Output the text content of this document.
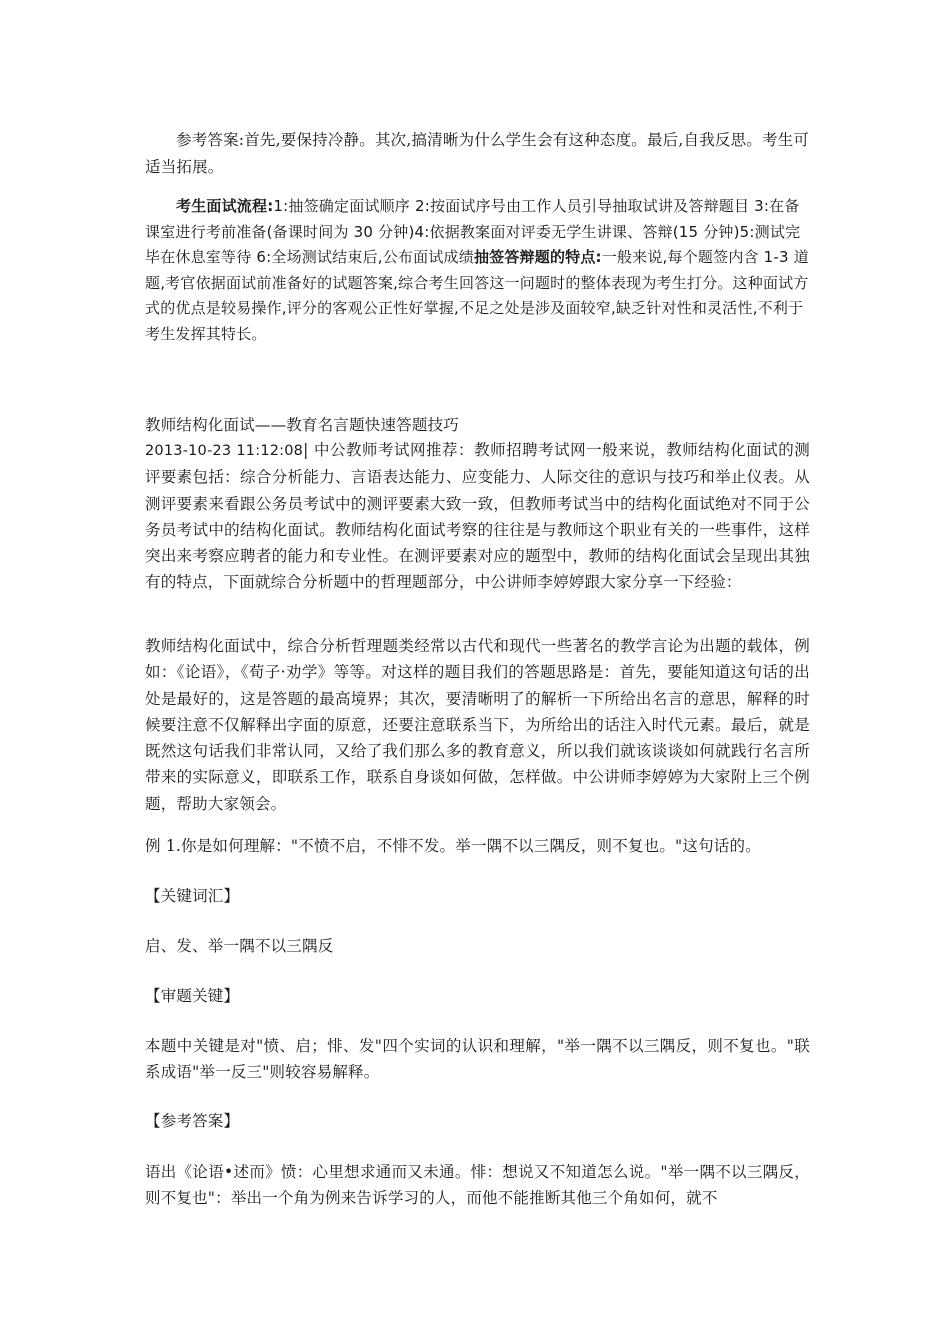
参考答案:首先,要保持冷静。其次,搞清晰为什么学生会有这种态度。最后,自我反思。考生可适当拓展。

考生面试流程:1:抽签确定面试顺序 2:按面试序号由工作人员引导抽取试讲及答辩题目 3:在备课室进行考前准备(备课时间为 30 分钟)4:依据教案面对评委无学生讲课、答辩(15 分钟)5:测试完毕在休息室等待 6:全场测试结束后,公布面试成绩抽签答辩题的特点:一般来说,每个题签内含 1-3 道题,考官依据面试前准备好的试题答案,综合考生回答这一问题时的整体表现为考生打分。这种面试方式的优点是较易操作,评分的客观公正性好掌握,不足之处是涉及面较窄,缺乏针对性和灵活性,不利于考生发挥其特长。

教师结构化面试——教育名言题快速答题技巧

2013-10-23 11:12:08| 中公教师考试网推荐：教师招聘考试网一般来说，教师结构化面试的测评要素包括：综合分析能力、言语表达能力、应变能力、人际交往的意识与技巧和举止仪表。从测评要素来看跟公务员考试中的测评要素大致一致，但教师考试当中的结构化面试绝对不同于公务员考试中的结构化面试。教师结构化面试考察的往往是与教师这个职业有关的一些事件，这样突出来考察应聘者的能力和专业性。在测评要素对应的题型中，教师的结构化面试会呈现出其独有的特点，下面就综合分析题中的哲理题部分，中公讲师李婷婷跟大家分享一下经验：

教师结构化面试中，综合分析哲理题类经常以古代和现代一些著名的教学言论为出题的载体，例如：《论语》，《荀子·劝学》等等。对这样的题目我们的答题思路是：首先，要能知道这句话的出处是最好的，这是答题的最高境界；其次，要清晰明了的解析一下所给出名言的意思，解释的时候要注意不仅解释出字面的原意，还要注意联系当下，为所给出的话注入时代元素。最后，就是既然这句话我们非常认同，又给了我们那么多的教育意义，所以我们就该谈谈如何就践行名言所带来的实际意义，即联系工作，联系自身谈如何做，怎样做。中公讲师李婷婷为大家附上三个例题，帮助大家领会。

例 1.你是如何理解："不愤不启，不悱不发。举一隅不以三隅反，则不复也。"这句话的。

【关键词汇】

启、发、举一隅不以三隅反

【审题关键】

本题中关键是对"愤、启；悱、发"四个实词的认识和理解，"举一隅不以三隅反，则不复也。"联系成语"举一反三"则较容易解释。

【参考答案】

语出《论语•述而》愤：心里想求通而又未通。悱：想说又不知道怎么说。"举一隅不以三隅反，则不复也"：举出一个角为例来告诉学习的人，而他不能推断其他三个角如何，就不
